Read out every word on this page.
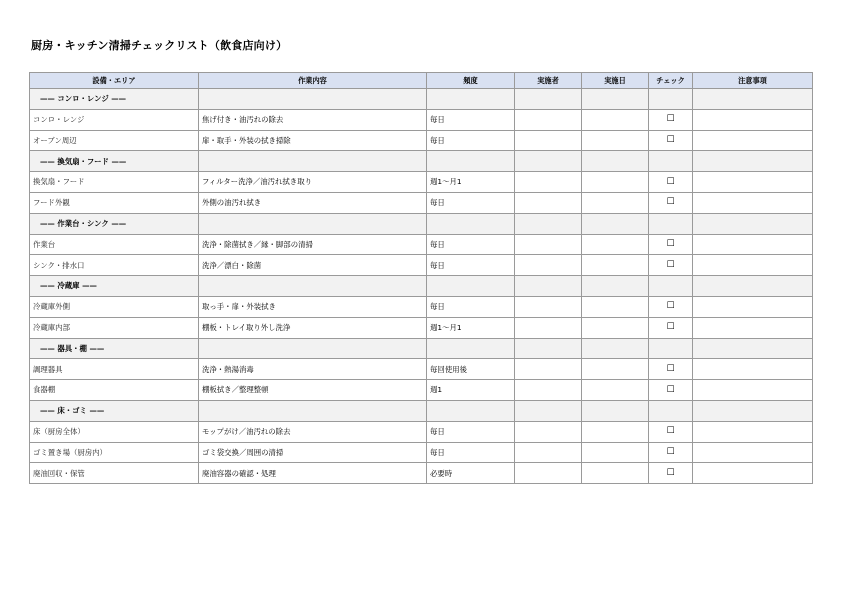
厨房・キッチン清掃チェックリスト（飲食店向け）
設備・エリア	作業内容	頻度	実施者	実施日	チェック	注意事項
—— コンロ・レンジ ——						
コンロ・レンジ	焦げ付き・油汚れの除去	毎日			☐	
オーブン周辺	扉・取手・外装の拭き掃除	毎日			☐	
—— 換気扇・フード ——						
換気扇・フード	フィルター洗浄／油汚れ拭き取り	週1〜月1			☐	
フード外観	外側の油汚れ拭き	毎日			☐	
—— 作業台・シンク ——						
作業台	洗浄・除菌拭き／縁・脚部の清掃	毎日			☐	
シンク・排水口	洗浄／漂白・除菌	毎日			☐	
—— 冷蔵庫 ——						
冷蔵庫外側	取っ手・扉・外装拭き	毎日			☐	
冷蔵庫内部	棚板・トレイ取り外し洗浄	週1〜月1			☐	
—— 器具・棚 ——						
調理器具	洗浄・熱湯消毒	毎回使用後			☐	
食器棚	棚板拭き／整理整頓	週1			☐	
—— 床・ゴミ ——						
床（厨房全体）	モップがけ／油汚れの除去	毎日			☐	
ゴミ置き場（厨房内）	ゴミ袋交換／周囲の清掃	毎日			☐	
廃油回収・保管	廃油容器の確認・処理	必要時			☐	
